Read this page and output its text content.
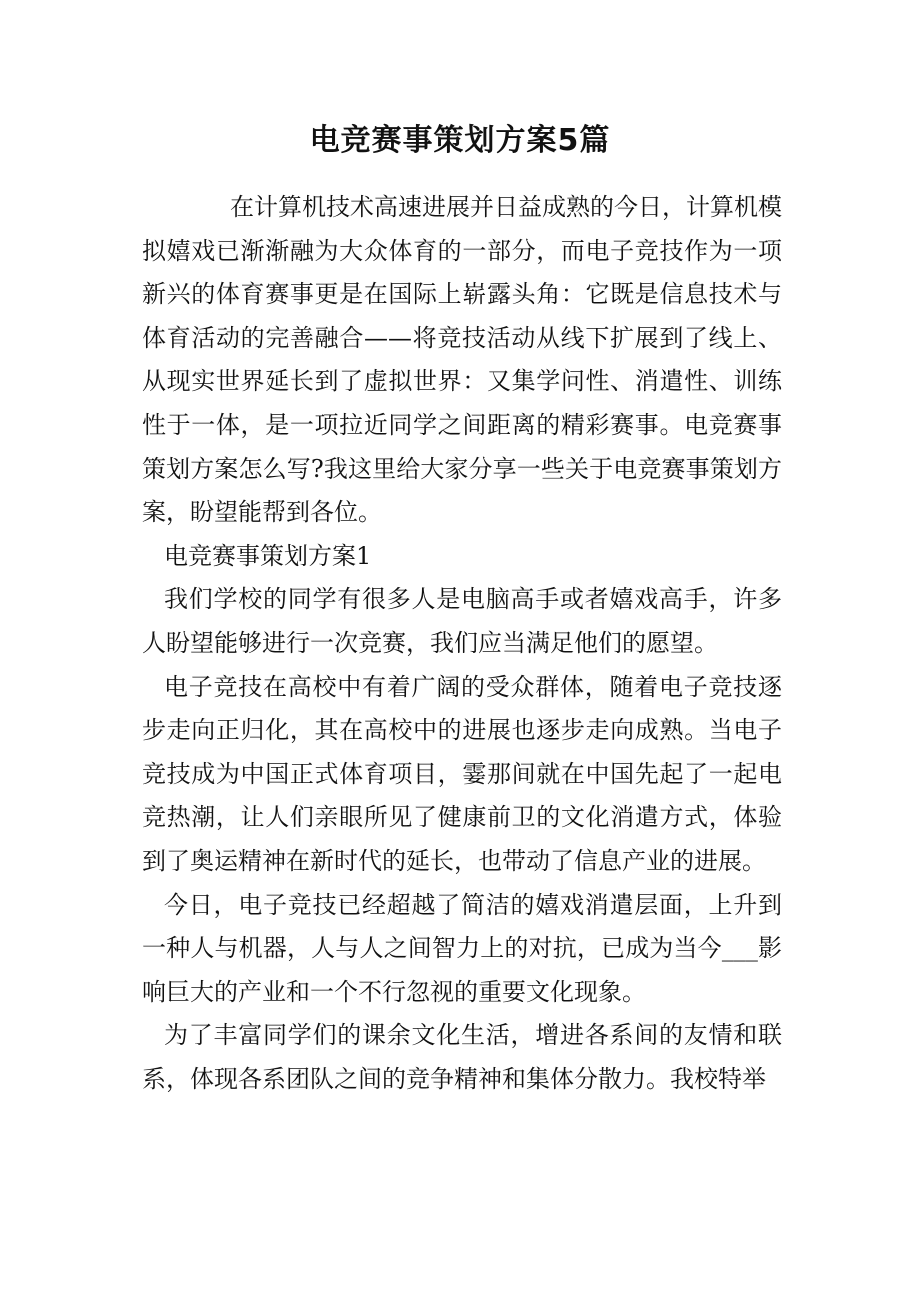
电竞赛事策划方案5篇

在计算机技术高速进展并日益成熟的今日，计算机模拟嬉戏已渐渐融为大众体育的一部分，而电子竞技作为一项新兴的体育赛事更是在国际上崭露头角：它既是信息技术与体育活动的完善融合——将竞技活动从线下扩展到了线上、从现实世界延长到了虚拟世界：又集学问性、消遣性、训练性于一体，是一项拉近同学之间距离的精彩赛事。电竞赛事策划方案怎么写?我这里给大家分享一些关于电竞赛事策划方案，盼望能帮到各位。

电竞赛事策划方案1

我们学校的同学有很多人是电脑高手或者嬉戏高手，许多人盼望能够进行一次竞赛，我们应当满足他们的愿望。

电子竞技在高校中有着广阔的受众群体，随着电子竞技逐步走向正归化，其在高校中的进展也逐步走向成熟。当电子竞技成为中国正式体育项目，霎那间就在中国先起了一起电竞热潮，让人们亲眼所见了健康前卫的文化消遣方式，体验到了奥运精神在新时代的延长，也带动了信息产业的进展。

今日，电子竞技已经超越了简洁的嬉戏消遣层面，上升到一种人与机器，人与人之间智力上的对抗，已成为当今___影响巨大的产业和一个不行忽视的重要文化现象。

为了丰富同学们的课余文化生活，增进各系间的友情和联系，体现各系团队之间的竞争精神和集体分散力。我校特举
